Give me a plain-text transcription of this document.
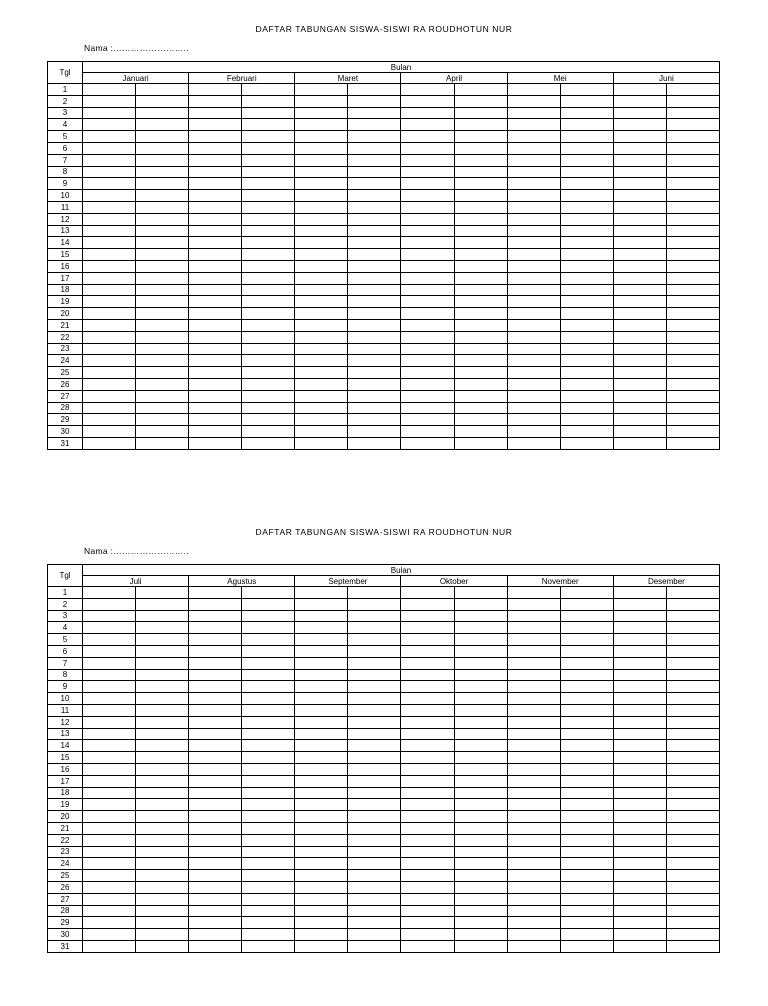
DAFTAR TABUNGAN SISWA-SISWI RA ROUDHOTUN NUR
Nama :……………………..
Tgl	Bulan											
	Januari		Februari		Maret		April		Mei		Juni	
1												
2												
3												
4												
5												
6												
7												
8												
9												
10												
11												
12												
13												
14												
15												
16												
17												
18												
19												
20												
21												
22												
23												
24												
25												
26												
27												
28												
29												
30												
31												
DAFTAR TABUNGAN SISWA-SISWI RA ROUDHOTUN NUR
Nama :……………………..
Tgl	Bulan											
	Juli		Agustus		September		Oktober		November		Desember	
1												
2												
3												
4												
5												
6												
7												
8												
9												
10												
11												
12												
13												
14												
15												
16												
17												
18												
19												
20												
21												
22												
23												
24												
25												
26												
27												
28												
29												
30												
31												
